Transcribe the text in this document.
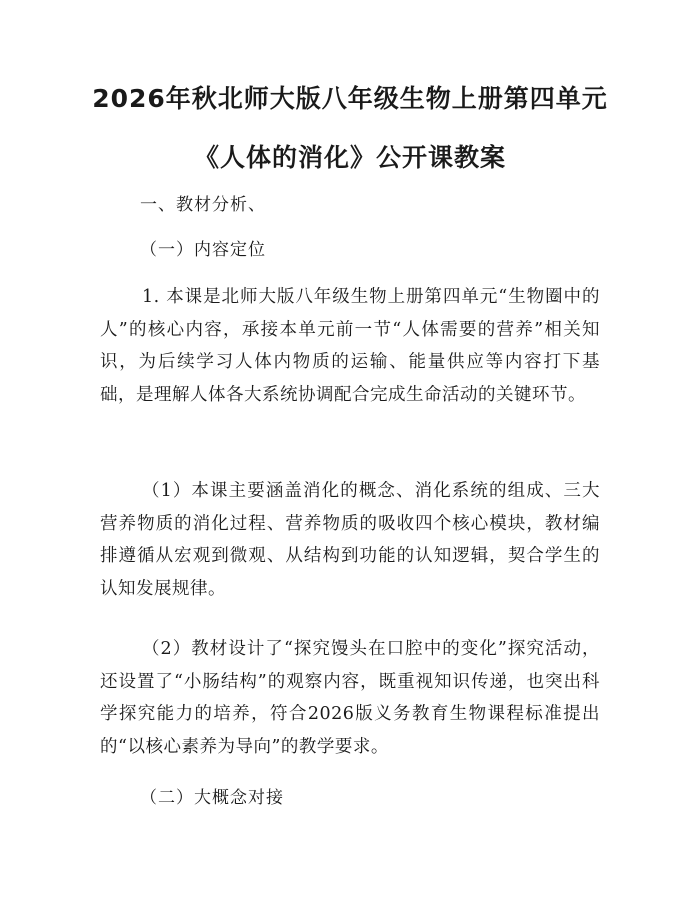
2026年秋北师大版八年级生物上册第四单元
《人体的消化》公开课教案
一、教材分析、
（一）内容定位

1. 本课是北师大版八年级生物上册第四单元“生物圈中的人”的核心内容，承接本单元前一节“人体需要的营养”相关知识，为后续学习人体内物质的运输、能量供应等内容打下基础，是理解人体各大系统协调配合完成生命活动的关键环节。

（1）本课主要涵盖消化的概念、消化系统的组成、三大营养物质的消化过程、营养物质的吸收四个核心模块，教材编排遵循从宏观到微观、从结构到功能的认知逻辑，契合学生的认知发展规律。

（2）教材设计了“探究馒头在口腔中的变化”探究活动，还设置了“小肠结构”的观察内容，既重视知识传递，也突出科学探究能力的培养，符合2026版义务教育生物课程标准提出的“以核心素养为导向”的教学要求。

（二）大概念对接
